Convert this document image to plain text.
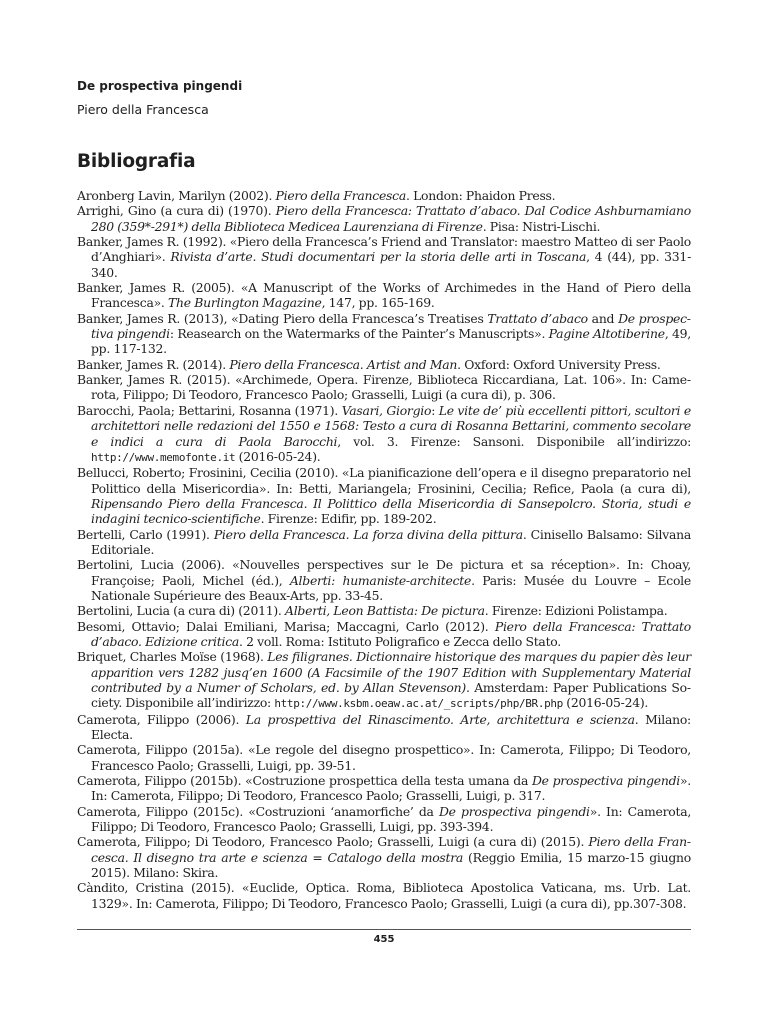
De prospectiva pingendi

Piero della Francesca

Bibliografia
Aronberg Lavin, Marilyn (2002). Piero della Francesca. London: Phaidon Press.
Arrighi, Gino (a cura di) (1970). Piero della Francesca: Trattato d’abaco. Dal Codice Ashburnamiano 280 (359*-291*) della Biblioteca Medicea Laurenziana di Firenze. Pisa: Nistri-Lischi.
Banker, James R. (1992). «Piero della Francesca’s Friend and Translator: maestro Matteo di ser Paolo d’Anghiari». Rivista d’arte. Studi documentari per la storia delle arti in Toscana, 4 (44), pp. 331-340.
Banker, James R. (2005). «A Manuscript of the Works of Archimedes in the Hand of Piero della Francesca». The Burlington Magazine, 147, pp. 165-169.
Banker, James R. (2013), «Dating Piero della Francesca’s Treatises Trattato d’abaco and De prospectiva pingendi: Reasearch on the Watermarks of the Painter’s Manuscripts». Pagine Altotiberine, 49, pp. 117-132.
Banker, James R. (2014). Piero della Francesca. Artist and Man. Oxford: Oxford University Press.
Banker, James R. (2015). «Archimede, Opera. Firenze, Biblioteca Riccardiana, Lat. 106». In: Camerota, Filippo; Di Teodoro, Francesco Paolo; Grasselli, Luigi (a cura di), p. 306.
Barocchi, Paola; Bettarini, Rosanna (1971). Vasari, Giorgio: Le vite de’ più eccellenti pittori, scultori e architettori nelle redazioni del 1550 e 1568: Testo a cura di Rosanna Bettarini, commento secolare e indici a cura di Paola Barocchi, vol. 3. Firenze: Sansoni. Disponibile all’indirizzo: http://www.memofonte.it (2016-05-24).
Bellucci, Roberto; Frosinini, Cecilia (2010). «La pianificazione dell’opera e il disegno preparatorio nel Polittico della Misericordia». In: Betti, Mariangela; Frosinini, Cecilia; Refice, Paola (a cura di), Ripensando Piero della Francesca. Il Polittico della Misericordia di Sansepolcro. Storia, studi e indagini tecnico-scientifiche. Firenze: Edifir, pp. 189-202.
Bertelli, Carlo (1991). Piero della Francesca. La forza divina della pittura. Cinisello Balsamo: Silvana Editoriale.
Bertolini, Lucia (2006). «Nouvelles perspectives sur le De pictura et sa réception». In: Choay, Françoise; Paoli, Michel (éd.), Alberti: humaniste-architecte. Paris: Musée du Louvre – Ecole Nationale Supérieure des Beaux-Arts, pp. 33-45.
Bertolini, Lucia (a cura di) (2011). Alberti, Leon Battista: De pictura. Firenze: Edizioni Polistampa.
Besomi, Ottavio; Dalai Emiliani, Marisa; Maccagni, Carlo (2012). Piero della Francesca: Trattato d’abaco. Edizione critica. 2 voll. Roma: Istituto Poligrafico e Zecca dello Stato.
Briquet, Charles Moïse (1968). Les filigranes. Dictionnaire historique des marques du papier dès leur apparition vers 1282 jusq’en 1600 (A Facsimile of the 1907 Edition with Supplementary Material contributed by a Numer of Scholars, ed. by Allan Stevenson). Amsterdam: Paper Publications Society. Disponibile all’indirizzo: http://www.ksbm.oeaw.ac.at/_scripts/php/BR.php (2016-05-24).
Camerota, Filippo (2006). La prospettiva del Rinascimento. Arte, architettura e scienza. Milano: Electa.
Camerota, Filippo (2015a). «Le regole del disegno prospettico». In: Camerota, Filippo; Di Teodoro, Francesco Paolo; Grasselli, Luigi, pp. 39-51.
Camerota, Filippo (2015b). «Costruzione prospettica della testa umana da De prospectiva pingendi». In: Camerota, Filippo; Di Teodoro, Francesco Paolo; Grasselli, Luigi, p. 317.
Camerota, Filippo (2015c). «Costruzioni ‘anamorfiche’ da De prospectiva pingendi». In: Camerota, Filippo; Di Teodoro, Francesco Paolo; Grasselli, Luigi, pp. 393-394.
Camerota, Filippo; Di Teodoro, Francesco Paolo; Grasselli, Luigi (a cura di) (2015). Piero della Francesca. Il disegno tra arte e scienza = Catalogo della mostra (Reggio Emilia, 15 marzo-15 giugno 2015). Milano: Skira.
Càndito, Cristina (2015). «Euclide, Optica. Roma, Biblioteca Apostolica Vaticana, ms. Urb. Lat. 1329». In: Camerota, Filippo; Di Teodoro, Francesco Paolo; Grasselli, Luigi (a cura di), pp.307-308.

455
